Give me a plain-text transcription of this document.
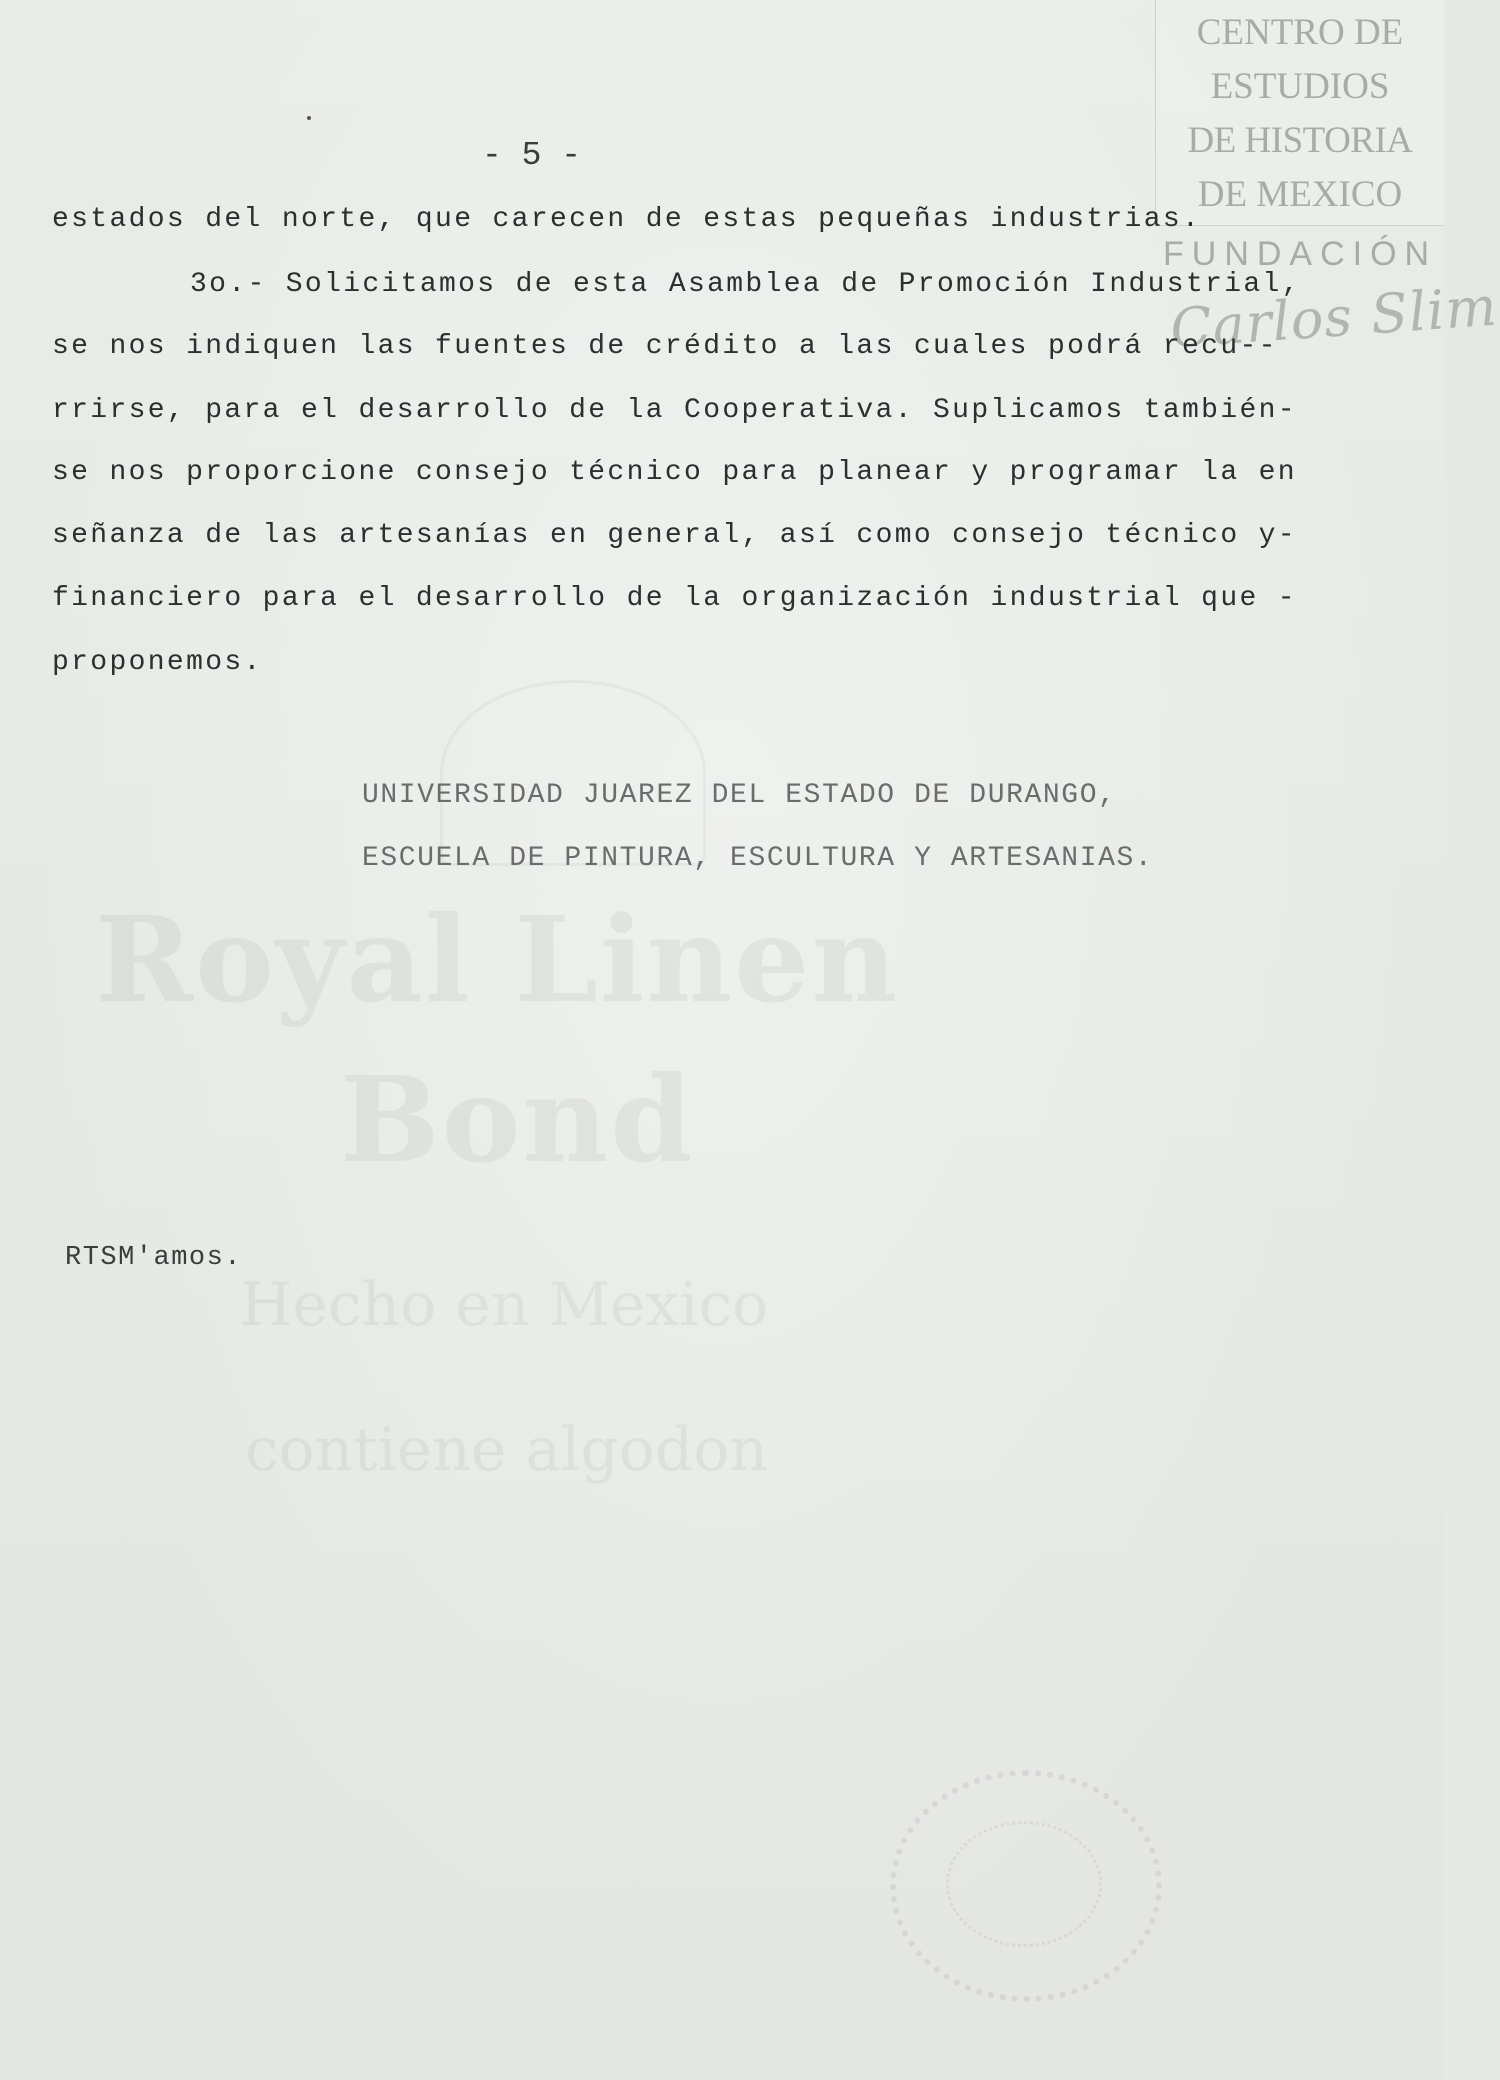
Royal Linen
Bond
Hecho en Mexico
contiene algodon
CENTRO DE
ESTUDIOS
DE HISTORIA
DE MEXICO
FUNDACIÓN
Carlos Slim
- 5 -
estados del norte, que carecen de estas pequeñas industrias.
3o.- Solicitamos de esta Asamblea de Promoción Industrial,
se nos indiquen las fuentes de crédito a las cuales podrá recu--
rrirse, para el desarrollo de la Cooperativa. Suplicamos también-
se nos proporcione consejo técnico para planear y programar la en
señanza de las artesanías en general, así como consejo técnico y-
financiero para el desarrollo de la organización industrial que -
proponemos.
UNIVERSIDAD JUAREZ DEL ESTADO DE DURANGO,
ESCUELA DE PINTURA, ESCULTURA Y ARTESANIAS.
RTSM'amos.
